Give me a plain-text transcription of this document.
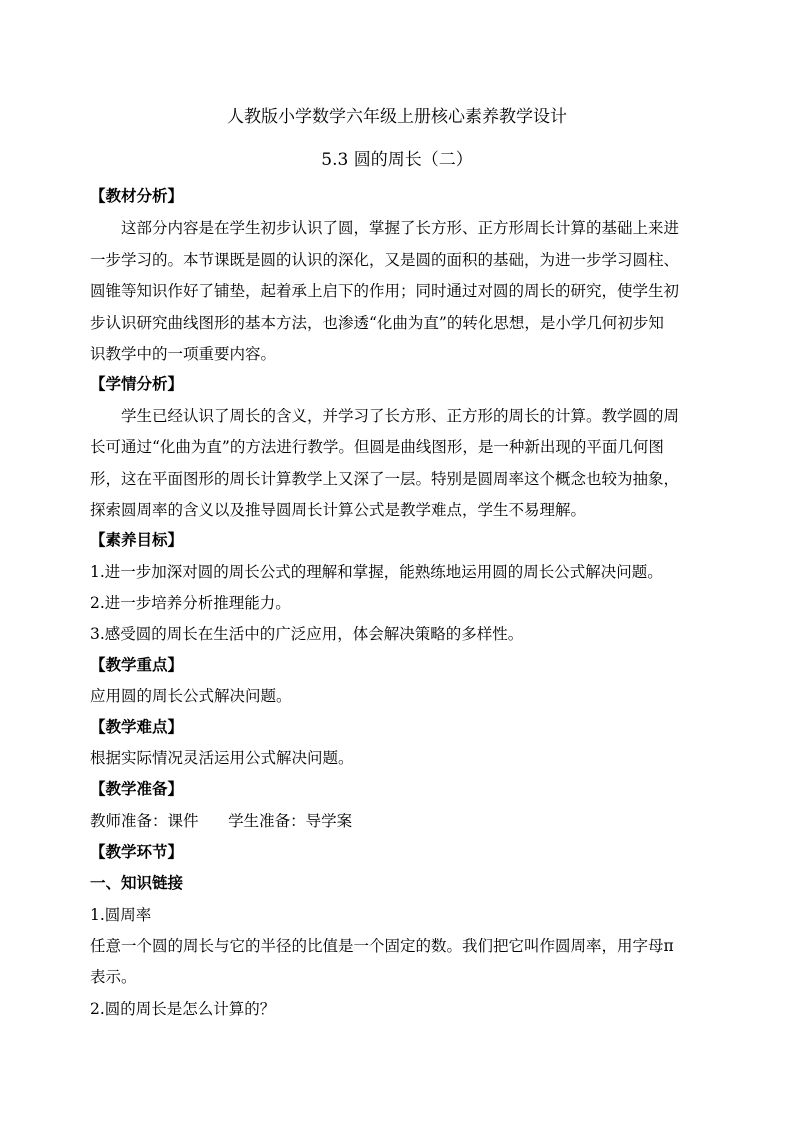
人教版小学数学六年级上册核心素养教学设计
5.3 圆的周长（二）
【教材分析】
这部分内容是在学生初步认识了圆，掌握了长方形、正方形周长计算的基础上来进
一步学习的。本节课既是圆的认识的深化，又是圆的面积的基础，为进一步学习圆柱、
圆锥等知识作好了铺垫，起着承上启下的作用；同时通过对圆的周长的研究，使学生初
步认识研究曲线图形的基本方法，也渗透“化曲为直”的转化思想，是小学几何初步知
识教学中的一项重要内容。
【学情分析】
学生已经认识了周长的含义，并学习了长方形、正方形的周长的计算。教学圆的周
长可通过“化曲为直”的方法进行教学。但圆是曲线图形，是一种新出现的平面几何图
形，这在平面图形的周长计算教学上又深了一层。特别是圆周率这个概念也较为抽象，
探索圆周率的含义以及推导圆周长计算公式是教学难点，学生不易理解。
【素养目标】
1.进一步加深对圆的周长公式的理解和掌握，能熟练地运用圆的周长公式解决问题。
2.进一步培养分析推理能力。
3.感受圆的周长在生活中的广泛应用，体会解决策略的多样性。
【教学重点】
应用圆的周长公式解决问题。
【教学难点】
根据实际情况灵活运用公式解决问题。
【教学准备】
教师准备：课件      学生准备：导学案
【教学环节】
一、知识链接
1.圆周率
任意一个圆的周长与它的半径的比值是一个固定的数。我们把它叫作圆周率，用字母π
表示。
2.圆的周长是怎么计算的？
